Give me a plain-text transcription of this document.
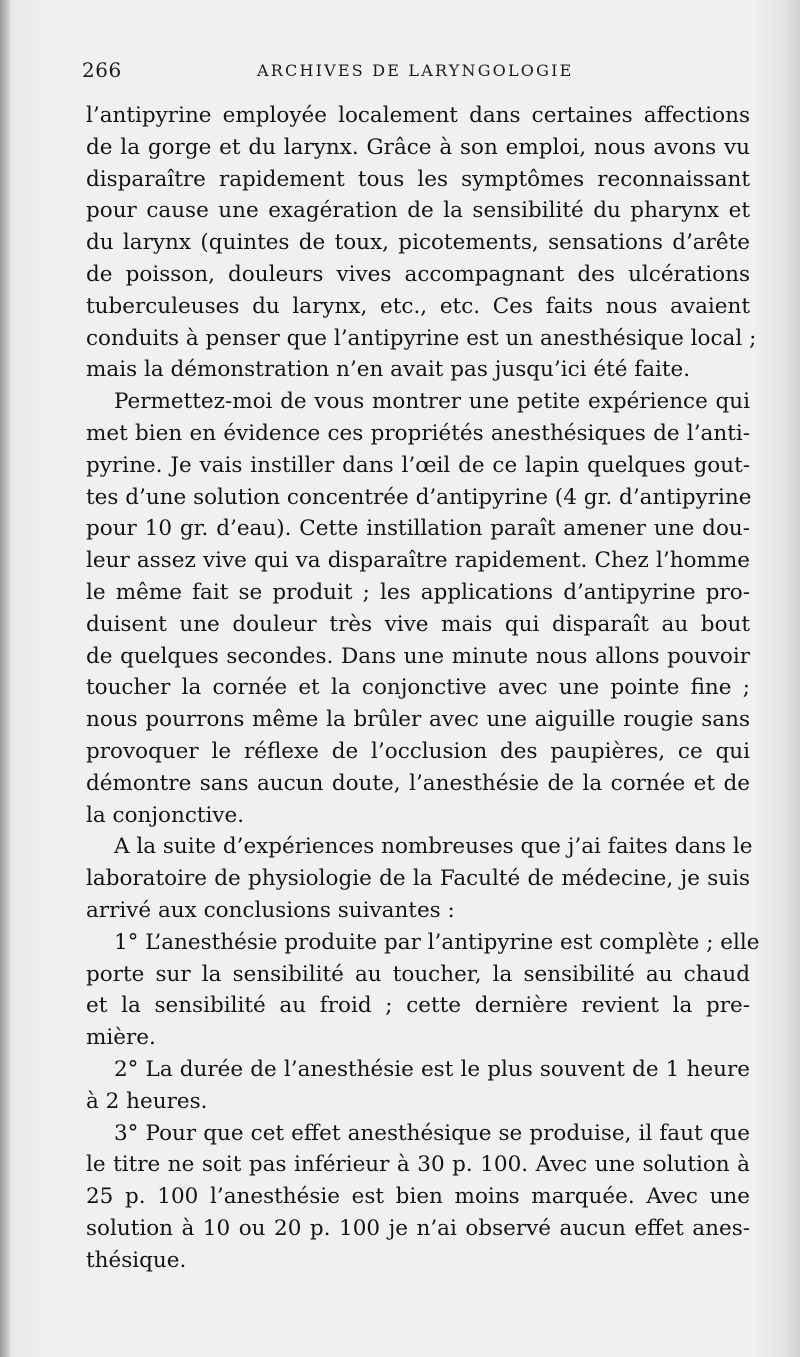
266	ARCHIVES DE LARYNGOLOGIE
l’antipyrine employée localement dans certaines affections
de la gorge et du larynx. Grâce à son emploi, nous avons vu
disparaître rapidement tous les symptômes reconnaissant
pour cause une exagération de la sensibilité du pharynx et
du larynx (quintes de toux, picotements, sensations d’arête
de poisson, douleurs vives accompagnant des ulcérations
tuberculeuses du larynx, etc., etc. Ces faits nous avaient
conduits à penser que l’antipyrine est un anesthésique local ;
mais la démonstration n’en avait pas jusqu’ici été faite.
Permettez-moi de vous montrer une petite expérience qui
met bien en évidence ces propriétés anesthésiques de l’anti-
pyrine. Je vais instiller dans l’œil de ce lapin quelques gout-
tes d’une solution concentrée d’antipyrine (4 gr. d’antipyrine
pour 10 gr. d’eau). Cette instillation paraît amener une dou-
leur assez vive qui va disparaître rapidement. Chez l’homme
le même fait se produit ; les applications d’antipyrine pro-
duisent une douleur très vive mais qui disparaît au bout
de quelques secondes. Dans une minute nous allons pouvoir
toucher la cornée et la conjonctive avec une pointe fine ;
nous pourrons même la brûler avec une aiguille rougie sans
provoquer le réflexe de l’occlusion des paupières, ce qui
démontre sans aucun doute, l’anesthésie de la cornée et de
la conjonctive.
A la suite d’expériences nombreuses que j’ai faites dans le
laboratoire de physiologie de la Faculté de médecine, je suis
arrivé aux conclusions suivantes :
1° L’anesthésie produite par l’antipyrine est complète ; elle
porte sur la sensibilité au toucher, la sensibilité au chaud
et la sensibilité au froid ; cette dernière revient la pre-
mière.
2° La durée de l’anesthésie est le plus souvent de 1 heure
à 2 heures.
3° Pour que cet effet anesthésique se produise, il faut que
le titre ne soit pas inférieur à 30 p. 100. Avec une solution à
25 p. 100 l’anesthésie est bien moins marquée. Avec une
solution à 10 ou 20 p. 100 je n’ai observé aucun effet anes-
thésique.
